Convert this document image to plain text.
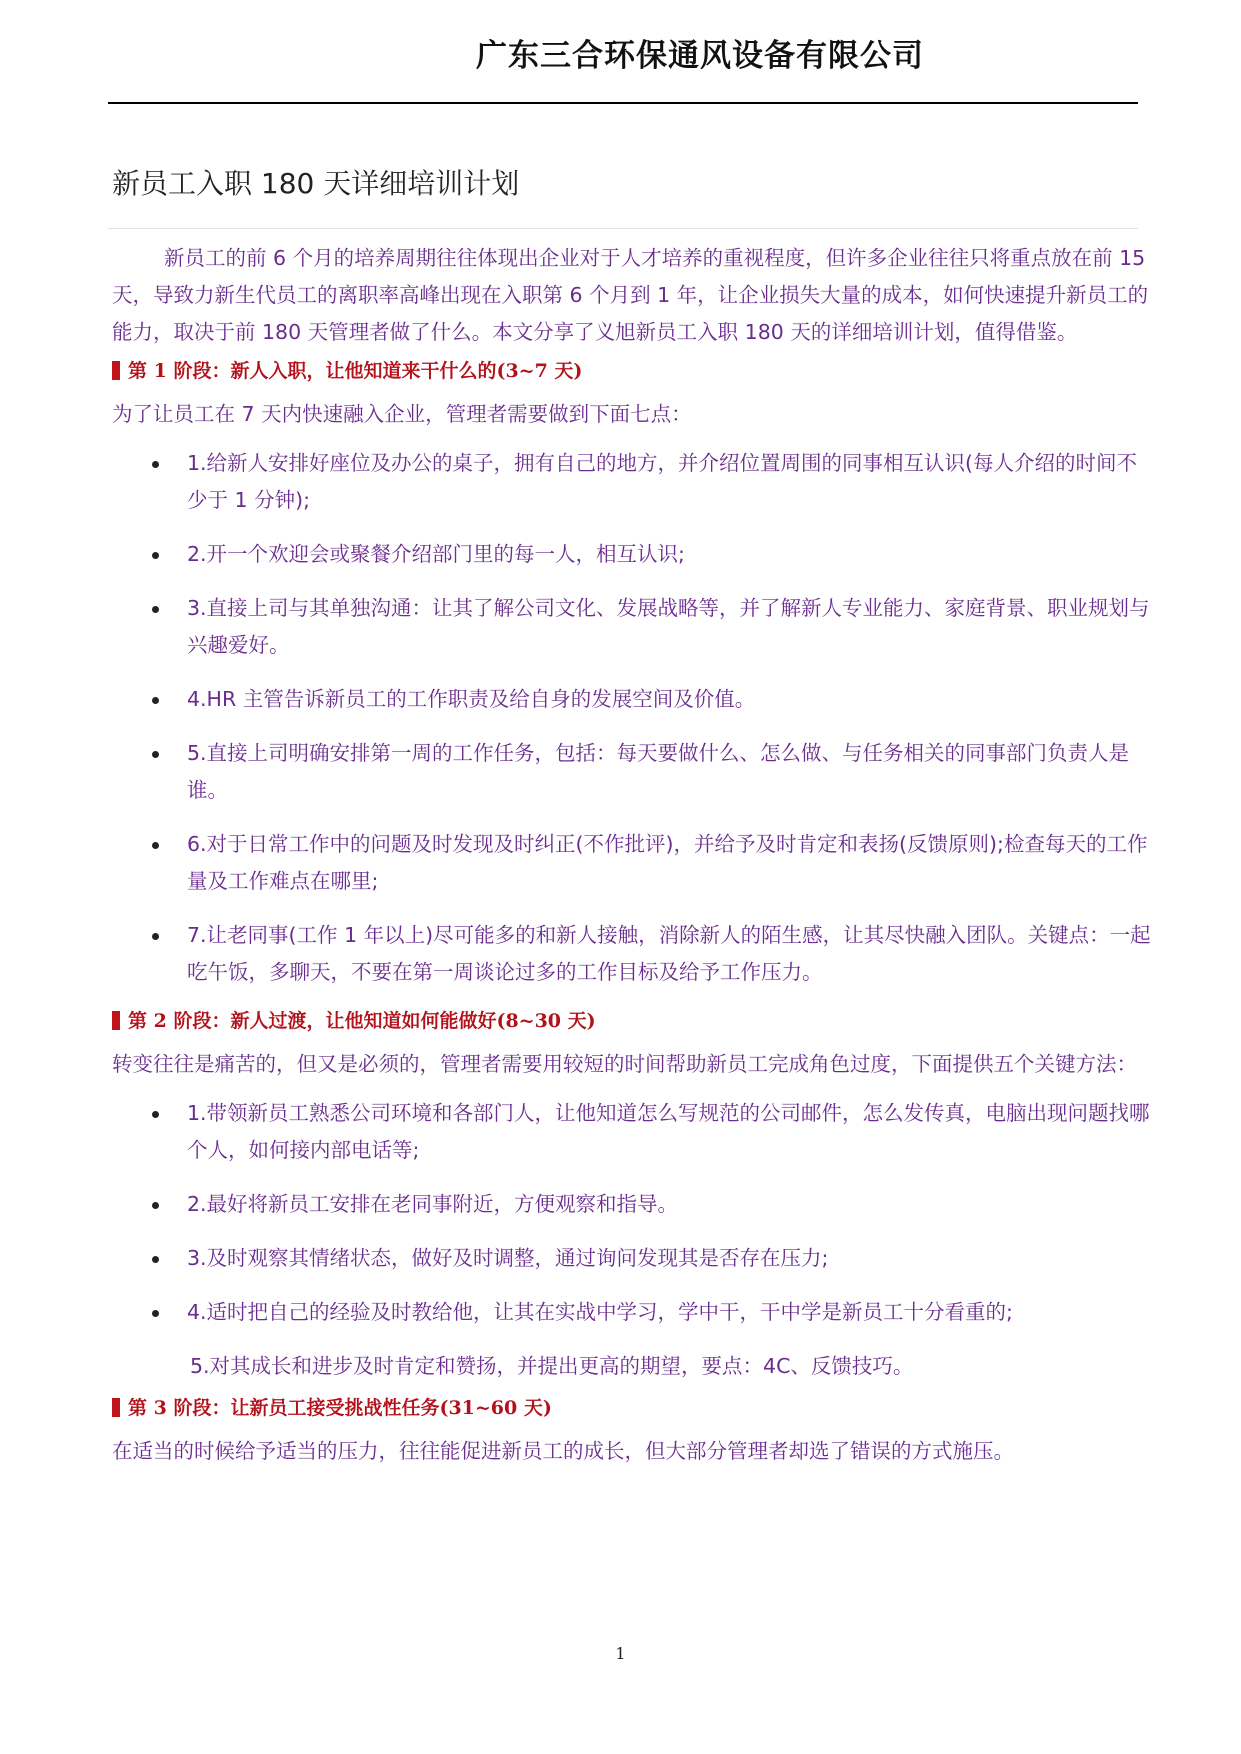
广东三合环保通风设备有限公司
新员工入职 180 天详细培训计划

新员工的前 6 个月的培养周期往往体现出企业对于人才培养的重视程度，但许多企业往往只将重点放在前 15 天，导致力新生代员工的离职率高峰出现在入职第 6 个月到 1 年，让企业损失大量的成本，如何快速提升新员工的能力，取决于前 180 天管理者做了什么。本文分享了义旭新员工入职 180 天的详细培训计划，值得借鉴。

第 1 阶段：新人入职，让他知道来干什么的(3~7 天)

为了让员工在 7 天内快速融入企业，管理者需要做到下面七点：

1.给新人安排好座位及办公的桌子，拥有自己的地方，并介绍位置周围的同事相互认识(每人介绍的时间不少于 1 分钟);
2.开一个欢迎会或聚餐介绍部门里的每一人，相互认识;
3.直接上司与其单独沟通：让其了解公司文化、发展战略等，并了解新人专业能力、家庭背景、职业规划与兴趣爱好。
4.HR 主管告诉新员工的工作职责及给自身的发展空间及价值。
5.直接上司明确安排第一周的工作任务，包括：每天要做什么、怎么做、与任务相关的同事部门负责人是谁。
6.对于日常工作中的问题及时发现及时纠正(不作批评)，并给予及时肯定和表扬(反馈原则);检查每天的工作量及工作难点在哪里;
7.让老同事(工作 1 年以上)尽可能多的和新人接触，消除新人的陌生感，让其尽快融入团队。关键点：一起吃午饭，多聊天，不要在第一周谈论过多的工作目标及给予工作压力。
第 2 阶段：新人过渡，让他知道如何能做好(8~30 天)

转变往往是痛苦的，但又是必须的，管理者需要用较短的时间帮助新员工完成角色过度，下面提供五个关键方法：

1.带领新员工熟悉公司环境和各部门人，让他知道怎么写规范的公司邮件，怎么发传真，电脑出现问题找哪个人，如何接内部电话等;
2.最好将新员工安排在老同事附近，方便观察和指导。
3.及时观察其情绪状态，做好及时调整，通过询问发现其是否存在压力;
4.适时把自己的经验及时教给他，让其在实战中学习，学中干，干中学是新员工十分看重的;

5.对其成长和进步及时肯定和赞扬，并提出更高的期望，要点：4C、反馈技巧。

第 3 阶段：让新员工接受挑战性任务(31~60 天)

在适当的时候给予适当的压力，往往能促进新员工的成长，但大部分管理者却选了错误的方式施压。

1
